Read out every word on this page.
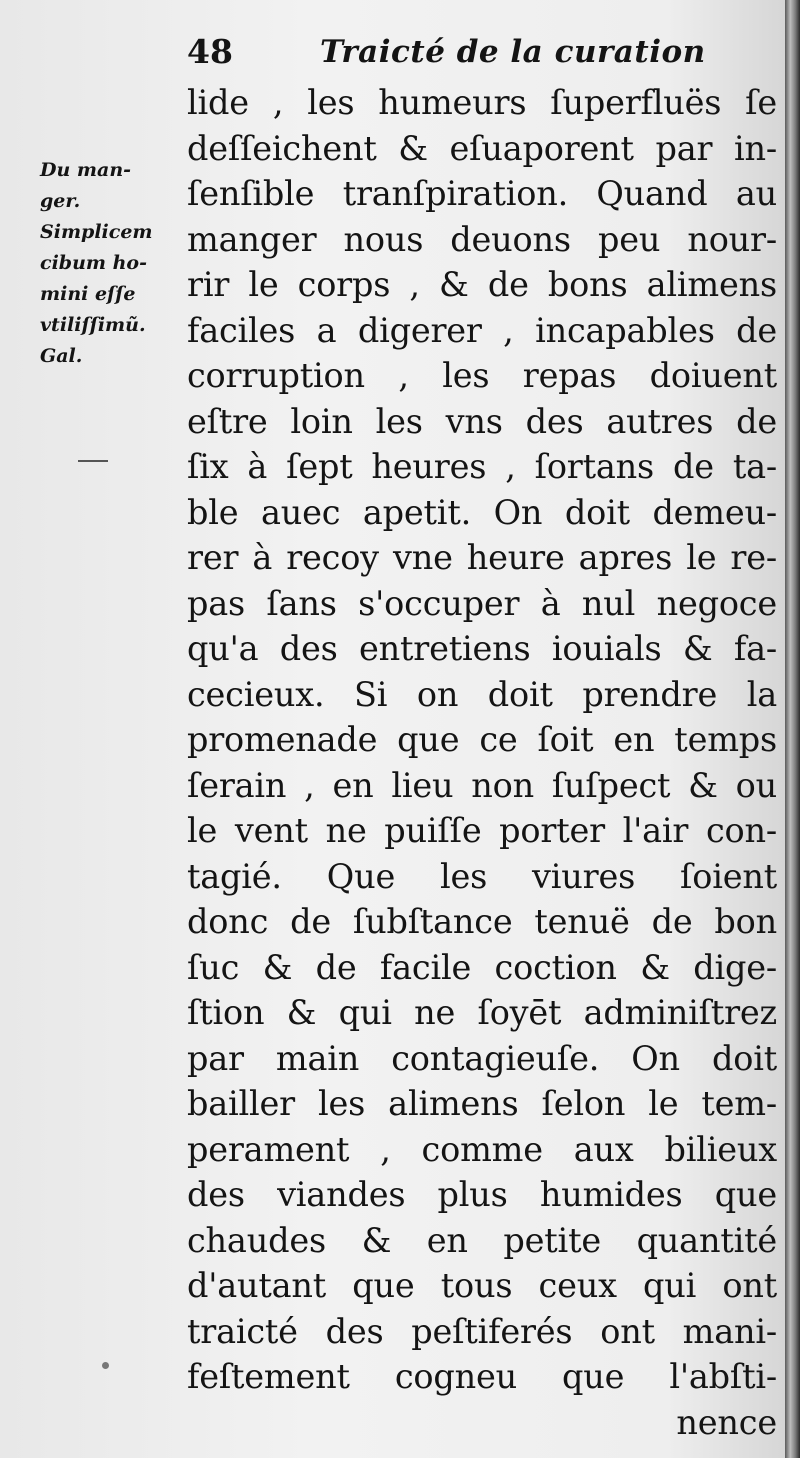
48	Traicté de la curation
Du man-
ger.
Simplicem
cibum ho-
mini eſſe
vtiliſſimũ.
Gal.
lide , les humeurs ſuperfluës ſe
deſſeichent & eſuaporent par in-
ſenſible tranſpiration. Quand au
manger nous deuons peu nour-
rir le corps , & de bons alimens
faciles a digerer , incapables de
corruption , les repas doiuent
eſtre loin les vns des autres de
ſix à ſept heures , ſortans de ta-
ble auec apetit. On doit demeu-
rer à recoy vne heure apres le re-
pas ſans s'occuper à nul negoce
qu'a des entretiens iouials & fa-
cecieux. Si on doit prendre la
promenade que ce ſoit en temps
ſerain , en lieu non ſuſpect & ou
le vent ne puiſſe porter l'air con-
tagié. Que les viures ſoient
donc de ſubſtance tenuë de bon
ſuc & de facile coction & dige-
ſtion & qui ne ſoyēt adminiſtrez
par main contagieuſe. On doit
bailler les alimens ſelon le tem-
perament , comme aux bilieux
des viandes plus humides que
chaudes & en petite quantité
d'autant que tous ceux qui ont
traicté des peſtiferés ont mani-
feſtement cogneu que l'abſti-
nence
